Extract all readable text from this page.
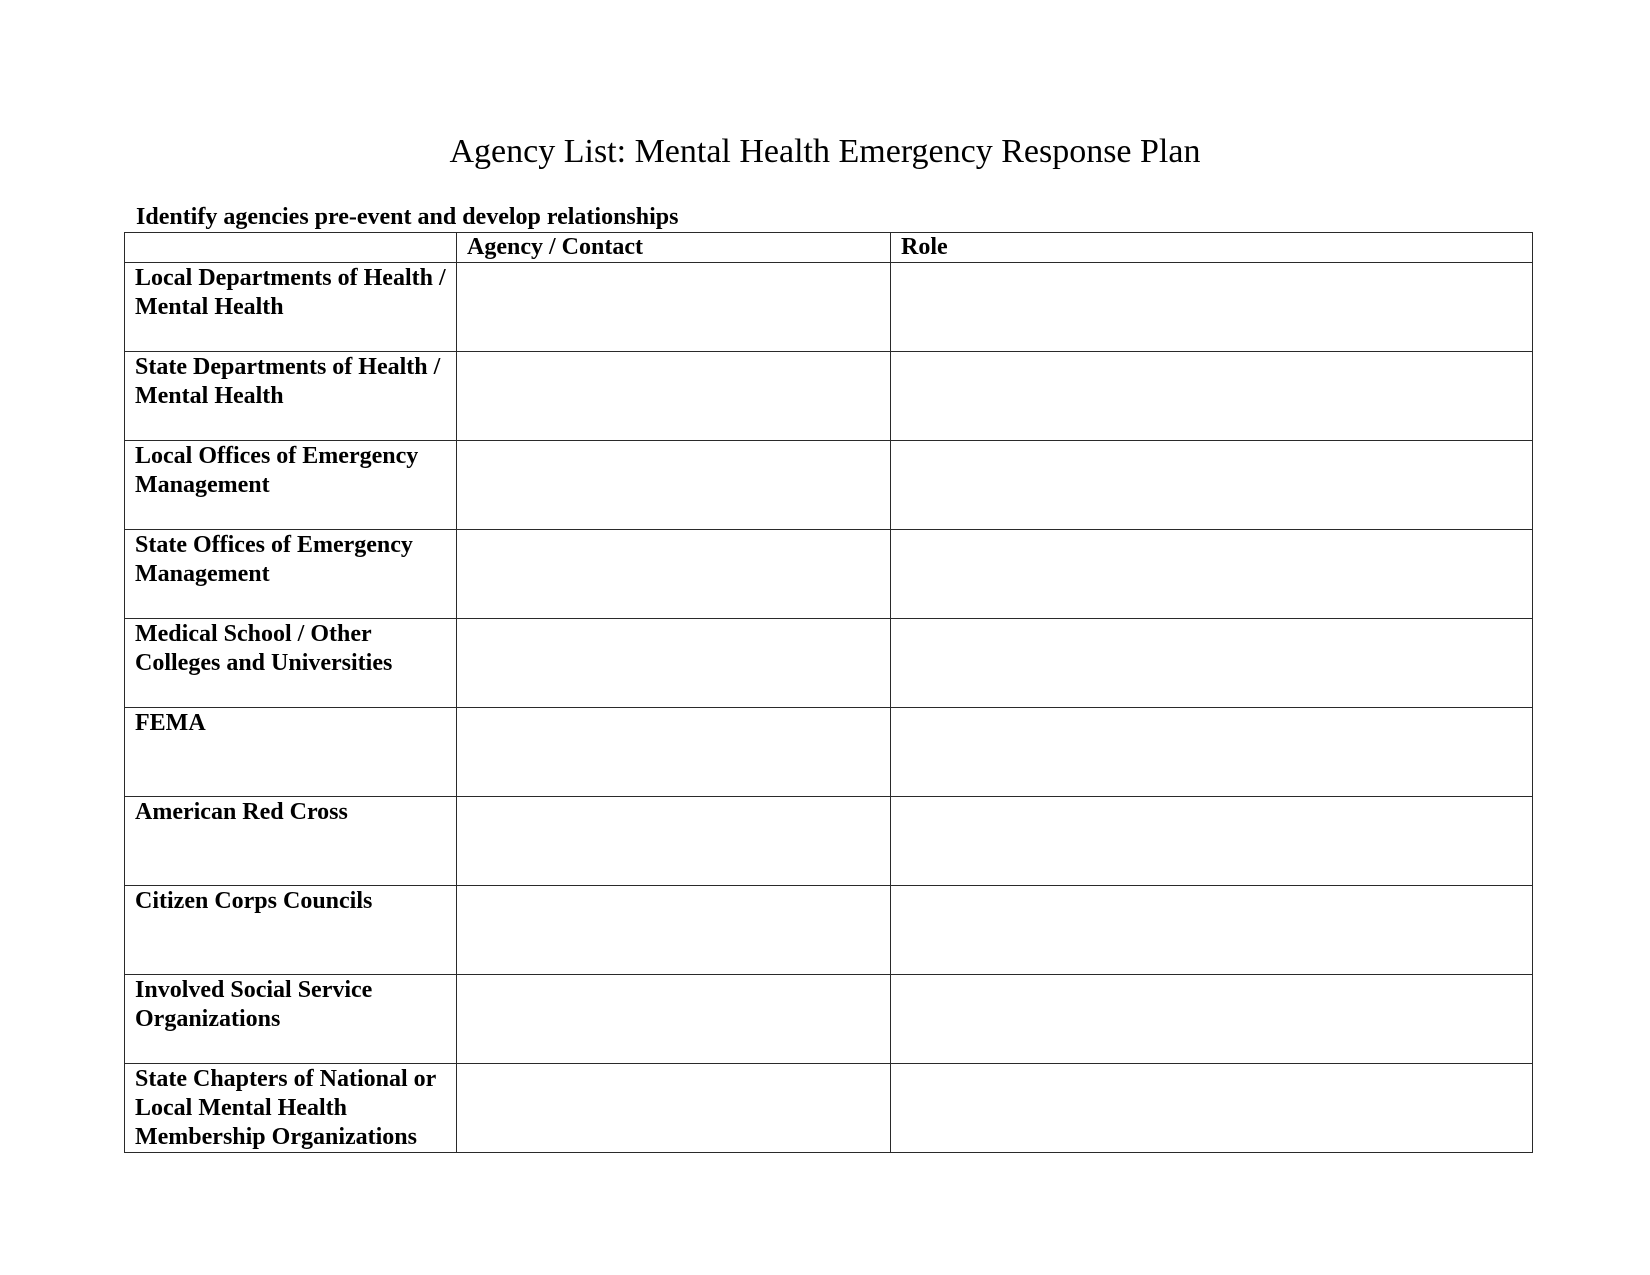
Agency List: Mental Health Emergency Response Plan

Identify agencies pre-event and develop relationships

	Agency / Contact	Role
Local Departments of Health / Mental Health		
State Departments of Health / Mental Health		
Local Offices of Emergency Management		
State Offices of Emergency Management		
Medical School / Other Colleges and Universities		
FEMA		
American Red Cross		
Citizen Corps Councils		
Involved Social Service Organizations		
State Chapters of National or Local Mental Health Membership Organizations		
